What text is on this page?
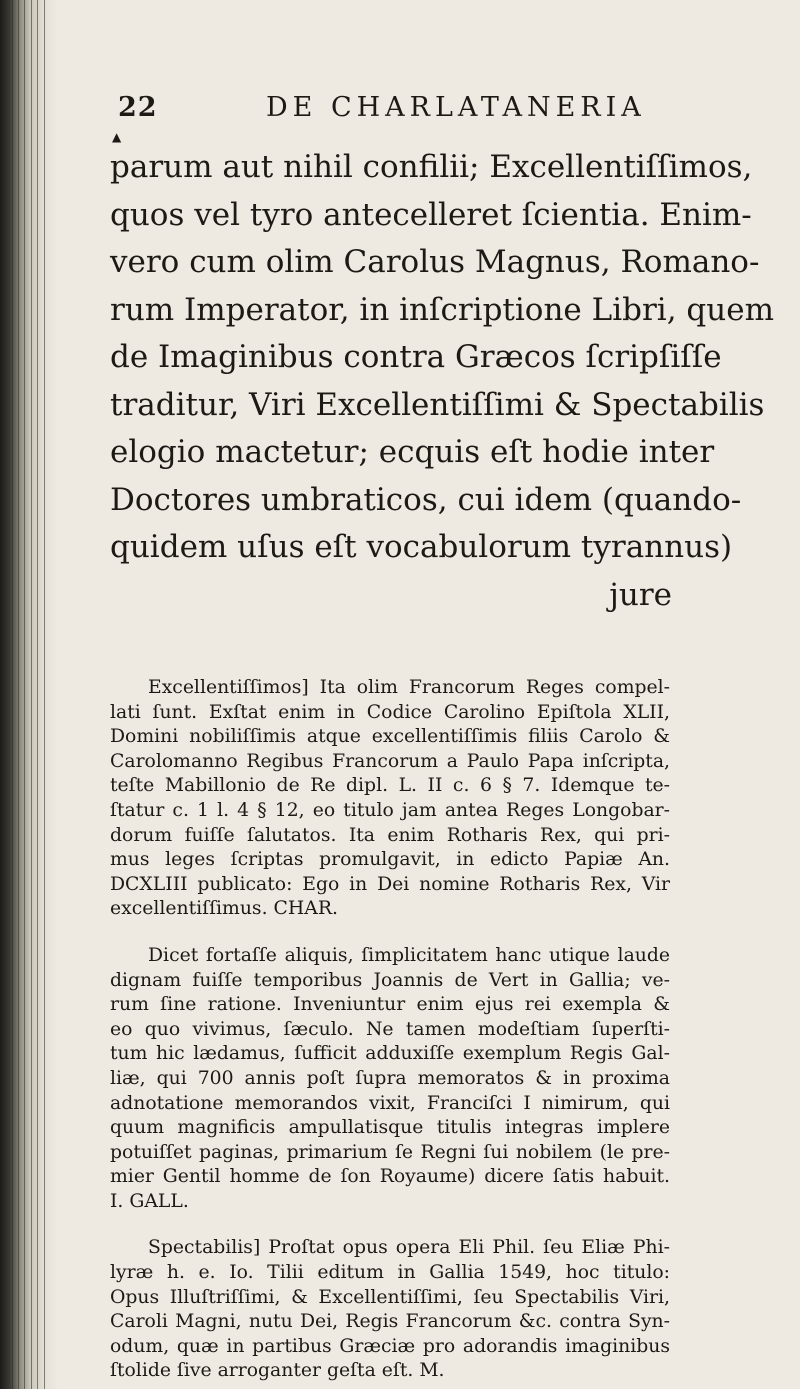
22	DE CHARLATANERIA
▲
parum aut nihil confilii; Excellentiſſimos,
quos vel tyro antecelleret ſcientia. Enim-
vero cum olim Carolus Magnus, Romano-
rum Imperator, in inſcriptione Libri, quem
de Imaginibus contra Græcos ſcripſiſſe
traditur, Viri Excellentiſſimi & Spectabilis
elogio mactetur; ecquis eſt hodie inter
Doctores umbraticos, cui idem (quando-
quidem uſus eſt vocabulorum tyrannus)
jure
Excellentiſſimos] Ita olim Francorum Reges compel-
lati ſunt. Exſtat enim in Codice Carolino Epiſtola XLII,
Domini nobiliſſimis atque excellentiſſimis filiis Carolo &
Carolomanno Regibus Francorum a Paulo Papa inſcripta,
teſte Mabillonio de Re dipl. L. II c. 6 § 7. Idemque te-
ſtatur c. 1 l. 4 § 12, eo titulo jam antea Reges Longobar-
dorum fuiſſe ſalutatos. Ita enim Rotharis Rex, qui pri-
mus leges ſcriptas promulgavit, in edicto Papiæ An.
DCXLIII publicato: Ego in Dei nomine Rotharis Rex, Vir
excellentiſſimus. CHAR.
Dicet fortaſſe aliquis, ſimplicitatem hanc utique laude
dignam fuiſſe temporibus Joannis de Vert in Gallia; ve-
rum ſine ratione. Inveniuntur enim ejus rei exempla &
eo quo vivimus, ſæculo. Ne tamen modeſtiam ſuperſti-
tum hic lædamus, ſufficit adduxiſſe exemplum Regis Gal-
liæ, qui 700 annis poſt ſupra memoratos & in proxima
adnotatione memorandos vixit, Franciſci I nimirum, qui
quum magnificis ampullatisque titulis integras implere
potuiſſet paginas, primarium ſe Regni ſui nobilem (le pre-
mier Gentil homme de ſon Royaume) dicere ſatis habuit.
I. GALL.
Spectabilis] Proſtat opus opera Eli Phil. ſeu Eliæ Phi-
lyræ h. e. Io. Tilii editum in Gallia 1549, hoc titulo:
Opus Illuſtriſſimi, & Excellentiſſimi, ſeu Spectabilis Viri,
Caroli Magni, nutu Dei, Regis Francorum &c. contra Syn-
odum, quæ in partibus Græciæ pro adorandis imaginibus
ſtolide ſive arroganter geſta eſt. M.
